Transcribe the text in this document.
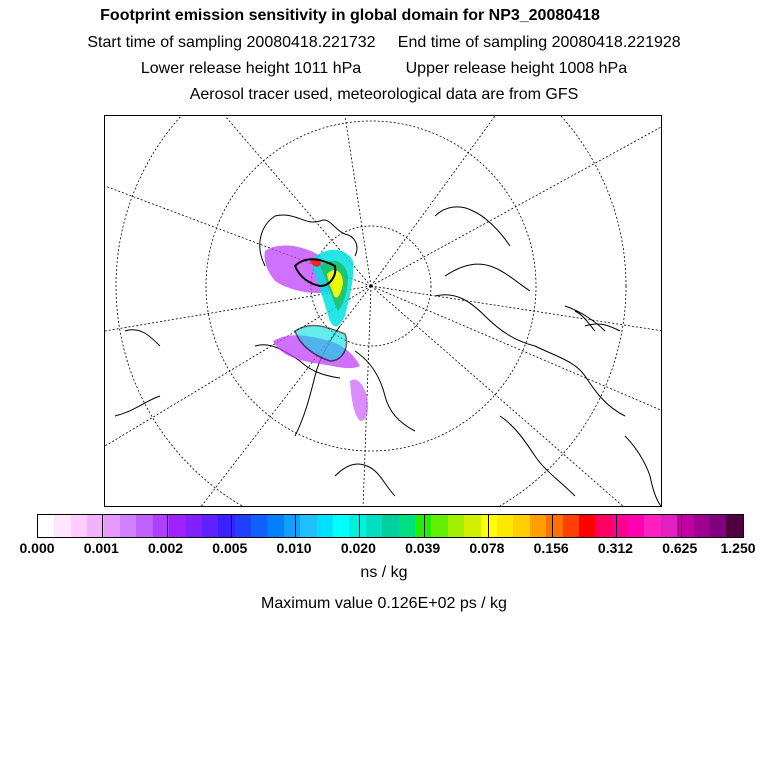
Footprint emission sensitivity in global domain for NP3_20080418
Start time of sampling 20080418.221732 End time of sampling 20080418.221928
Lower release height 1011 hPa	Upper release height 1008 hPa
Aerosol tracer used, meteorological data are from GFS
0.000 0.001 0.002 0.005 0.010 0.020 0.039 0.078 0.156 0.312 0.625 1.250
ns / kg
Maximum value 0.126E+02 ps / kg
